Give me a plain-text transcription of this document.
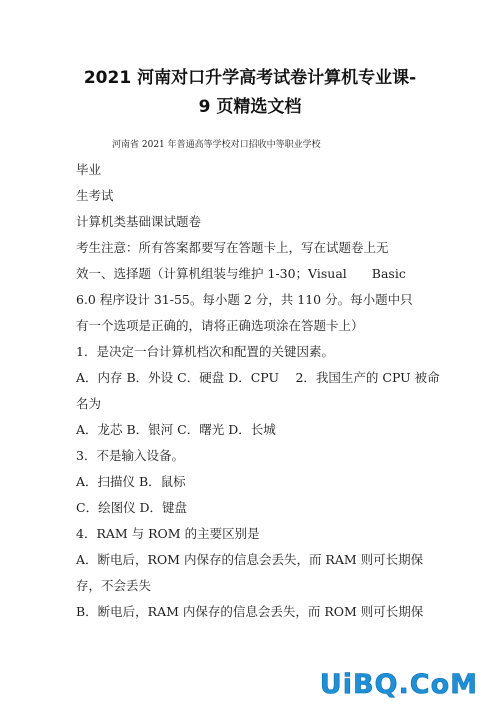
2021 河南对口升学高考试卷计算机专业课-
9 页精选文档
河南省 2021 年普通高等学校对口招收中等职业学校
毕业
生考试
计算机类基础课试题卷
考生注意：所有答案都要写在答题卡上，写在试题卷上无
效一、选择题（计算机组装与维护 1-30；Visual　　Basic
6.0 程序设计 31-55。每小题 2 分，共 110 分。每小题中只
有一个选项是正确的，请将正确选项涂在答题卡上）
1．是决定一台计算机档次和配置的关键因素。
A．内存 B．外设 C．硬盘 D．CPU　 2．我国生产的 CPU 被命
名为
A．龙芯 B．银河 C．曙光 D．长城
3．不是输入设备。
A．扫描仪 B．鼠标
C．绘图仪 D．键盘
4．RAM 与 ROM 的主要区别是
A．断电后，ROM 内保存的信息会丢失，而 RAM 则可长期保
存，不会丢失
B．断电后，RAM 内保存的信息会丢失，而 ROM 则可长期保
UiBQ.CoM
